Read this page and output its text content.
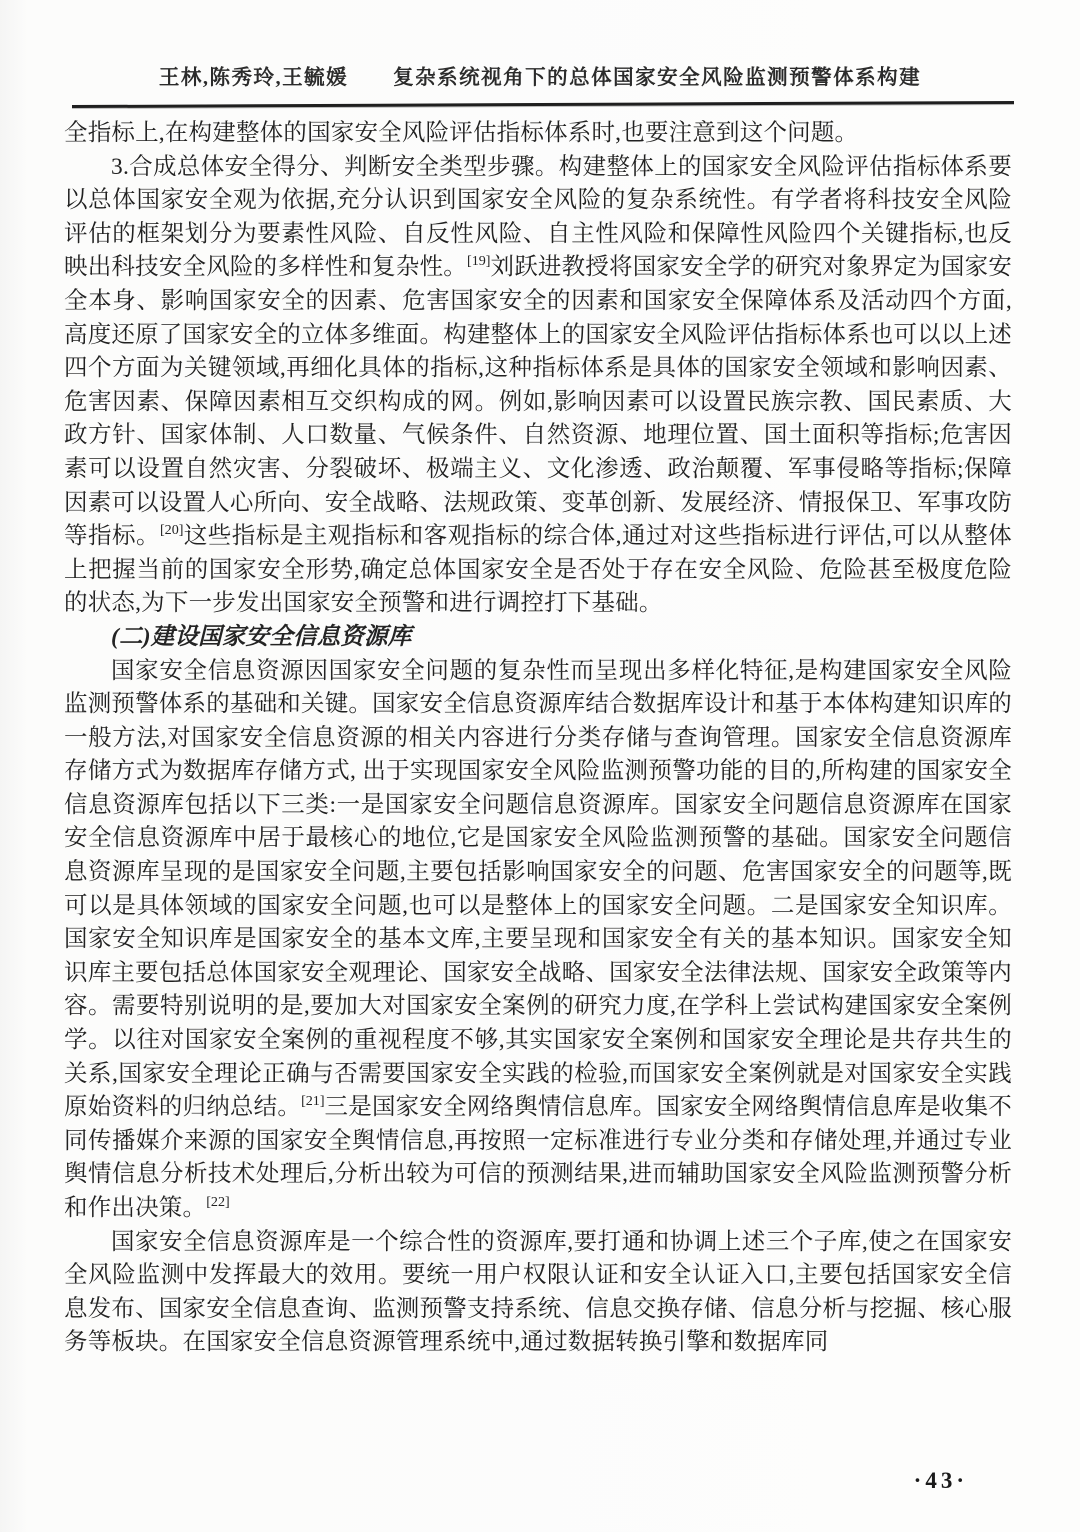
王林,陈秀玲,王毓媛 复杂系统视角下的总体国家安全风险监测预警体系构建

全指标上,在构建整体的国家安全风险评估指标体系时,也要注意到这个问题。

3.合成总体安全得分、判断安全类型步骤。构建整体上的国家安全风险评估指标体系要以总体国家安全观为依据,充分认识到国家安全风险的复杂系统性。有学者将科技安全风险评估的框架划分为要素性风险、自反性风险、自主性风险和保障性风险四个关键指标,也反映出科技安全风险的多样性和复杂性。[19]刘跃进教授将国家安全学的研究对象界定为国家安全本身、影响国家安全的因素、危害国家安全的因素和国家安全保障体系及活动四个方面,高度还原了国家安全的立体多维面。构建整体上的国家安全风险评估指标体系也可以以上述四个方面为关键领域,再细化具体的指标,这种指标体系是具体的国家安全领域和影响因素、危害因素、保障因素相互交织构成的网。例如,影响因素可以设置民族宗教、国民素质、大政方针、国家体制、人口数量、气候条件、自然资源、地理位置、国土面积等指标;危害因素可以设置自然灾害、分裂破坏、极端主义、文化渗透、政治颠覆、军事侵略等指标;保障因素可以设置人心所向、安全战略、法规政策、变革创新、发展经济、情报保卫、军事攻防等指标。[20]这些指标是主观指标和客观指标的综合体,通过对这些指标进行评估,可以从整体上把握当前的国家安全形势,确定总体国家安全是否处于存在安全风险、危险甚至极度危险的状态,为下一步发出国家安全预警和进行调控打下基础。

(二)建设国家安全信息资源库

国家安全信息资源因国家安全问题的复杂性而呈现出多样化特征,是构建国家安全风险监测预警体系的基础和关键。国家安全信息资源库结合数据库设计和基于本体构建知识库的一般方法,对国家安全信息资源的相关内容进行分类存储与查询管理。国家安全信息资源库存储方式为数据库存储方式, 出于实现国家安全风险监测预警功能的目的,所构建的国家安全信息资源库包括以下三类:一是国家安全问题信息资源库。国家安全问题信息资源库在国家安全信息资源库中居于最核心的地位,它是国家安全风险监测预警的基础。国家安全问题信息资源库呈现的是国家安全问题,主要包括影响国家安全的问题、危害国家安全的问题等,既可以是具体领域的国家安全问题,也可以是整体上的国家安全问题。二是国家安全知识库。国家安全知识库是国家安全的基本文库,主要呈现和国家安全有关的基本知识。国家安全知识库主要包括总体国家安全观理论、国家安全战略、国家安全法律法规、国家安全政策等内容。需要特别说明的是,要加大对国家安全案例的研究力度,在学科上尝试构建国家安全案例学。以往对国家安全案例的重视程度不够,其实国家安全案例和国家安全理论是共存共生的关系,国家安全理论正确与否需要国家安全实践的检验,而国家安全案例就是对国家安全实践原始资料的归纳总结。[21]三是国家安全网络舆情信息库。国家安全网络舆情信息库是收集不同传播媒介来源的国家安全舆情信息,再按照一定标准进行专业分类和存储处理,并通过专业舆情信息分析技术处理后,分析出较为可信的预测结果,进而辅助国家安全风险监测预警分析和作出决策。[22]

国家安全信息资源库是一个综合性的资源库,要打通和协调上述三个子库,使之在国家安全风险监测中发挥最大的效用。要统一用户权限认证和安全认证入口,主要包括国家安全信息发布、国家安全信息查询、监测预警支持系统、信息交换存储、信息分析与挖掘、核心服务等板块。在国家安全信息资源管理系统中,通过数据转换引擎和数据库同

·43·
